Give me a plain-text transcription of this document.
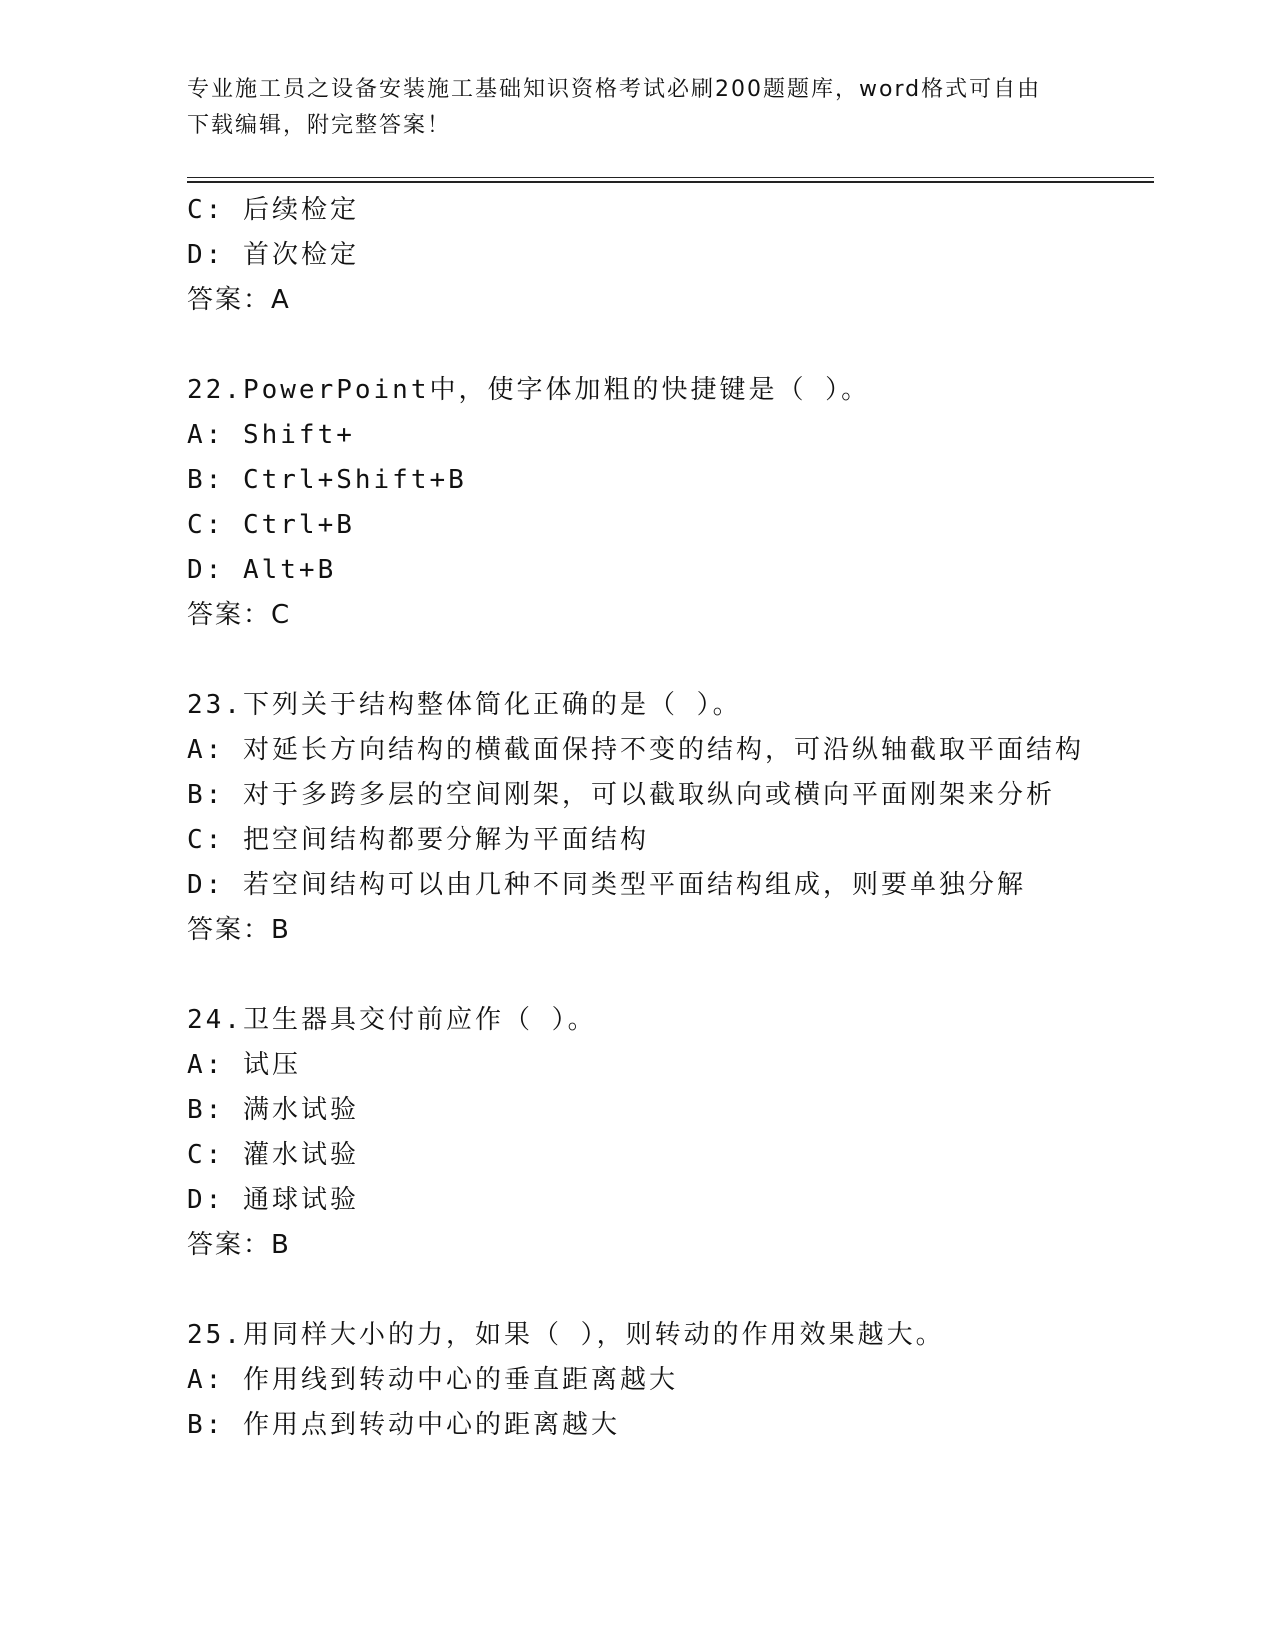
专业施工员之设备安装施工基础知识资格考试必刷200题题库，word格式可自由
下载编辑，附完整答案！
C: 后续检定
D: 首次检定
答案：A
22.PowerPoint中，使字体加粗的快捷键是（ ）。
A: Shift+
B: Ctrl+Shift+B
C: Ctrl+B
D: Alt+B
答案：C
23.下列关于结构整体简化正确的是（ ）。
A: 对延长方向结构的横截面保持不变的结构，可沿纵轴截取平面结构
B: 对于多跨多层的空间刚架，可以截取纵向或横向平面刚架来分析
C: 把空间结构都要分解为平面结构
D: 若空间结构可以由几种不同类型平面结构组成，则要单独分解
答案：B
24.卫生器具交付前应作（ ）。
A: 试压
B: 满水试验
C: 灌水试验
D: 通球试验
答案：B
25.用同样大小的力，如果（ ），则转动的作用效果越大。
A: 作用线到转动中心的垂直距离越大
B: 作用点到转动中心的距离越大
